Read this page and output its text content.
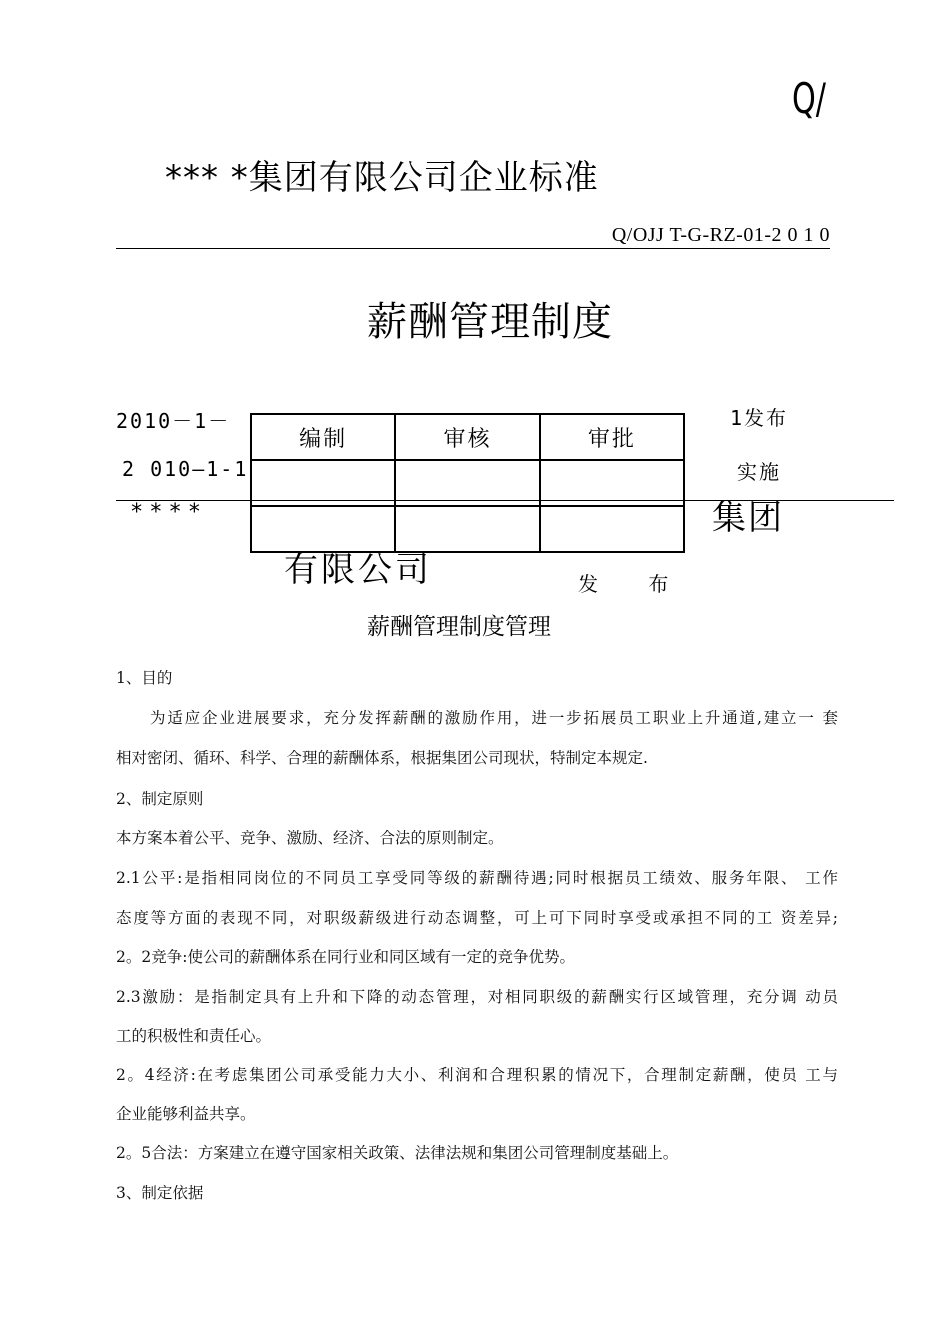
Q/
*** *集团有限公司企业标准
Q/OJJ T-G-RZ-01-2 0 1 0
薪酬管理制度
2010－1－	1发布
2 010—1-1	实施
****	集团
有限公司	发 布
编制	审核	审批

薪酬管理制度管理
1、目的
为适应企业进展要求，充分发挥薪酬的激励作用，进一步拓展员工职业上升通道,建立一 套
相对密闭、循环、科学、合理的薪酬体系，根据集团公司现状，特制定本规定.
2、制定原则
本方案本着公平、竞争、激励、经济、合法的原则制定。
2.1公平:是指相同岗位的不同员工享受同等级的薪酬待遇;同时根据员工绩效、服务年限、 工作
态度等方面的表现不同，对职级薪级进行动态调整，可上可下同时享受或承担不同的工 资差异;
2。2竞争:使公司的薪酬体系在同行业和同区域有一定的竞争优势。
2.3激励：是指制定具有上升和下降的动态管理，对相同职级的薪酬实行区域管理，充分调 动员
工的积极性和责任心。
2。4经济:在考虑集团公司承受能力大小、利润和合理积累的情况下，合理制定薪酬，使员 工与
企业能够利益共享。
2。5合法：方案建立在遵守国家相关政策、法律法规和集团公司管理制度基础上。
3、制定依据
